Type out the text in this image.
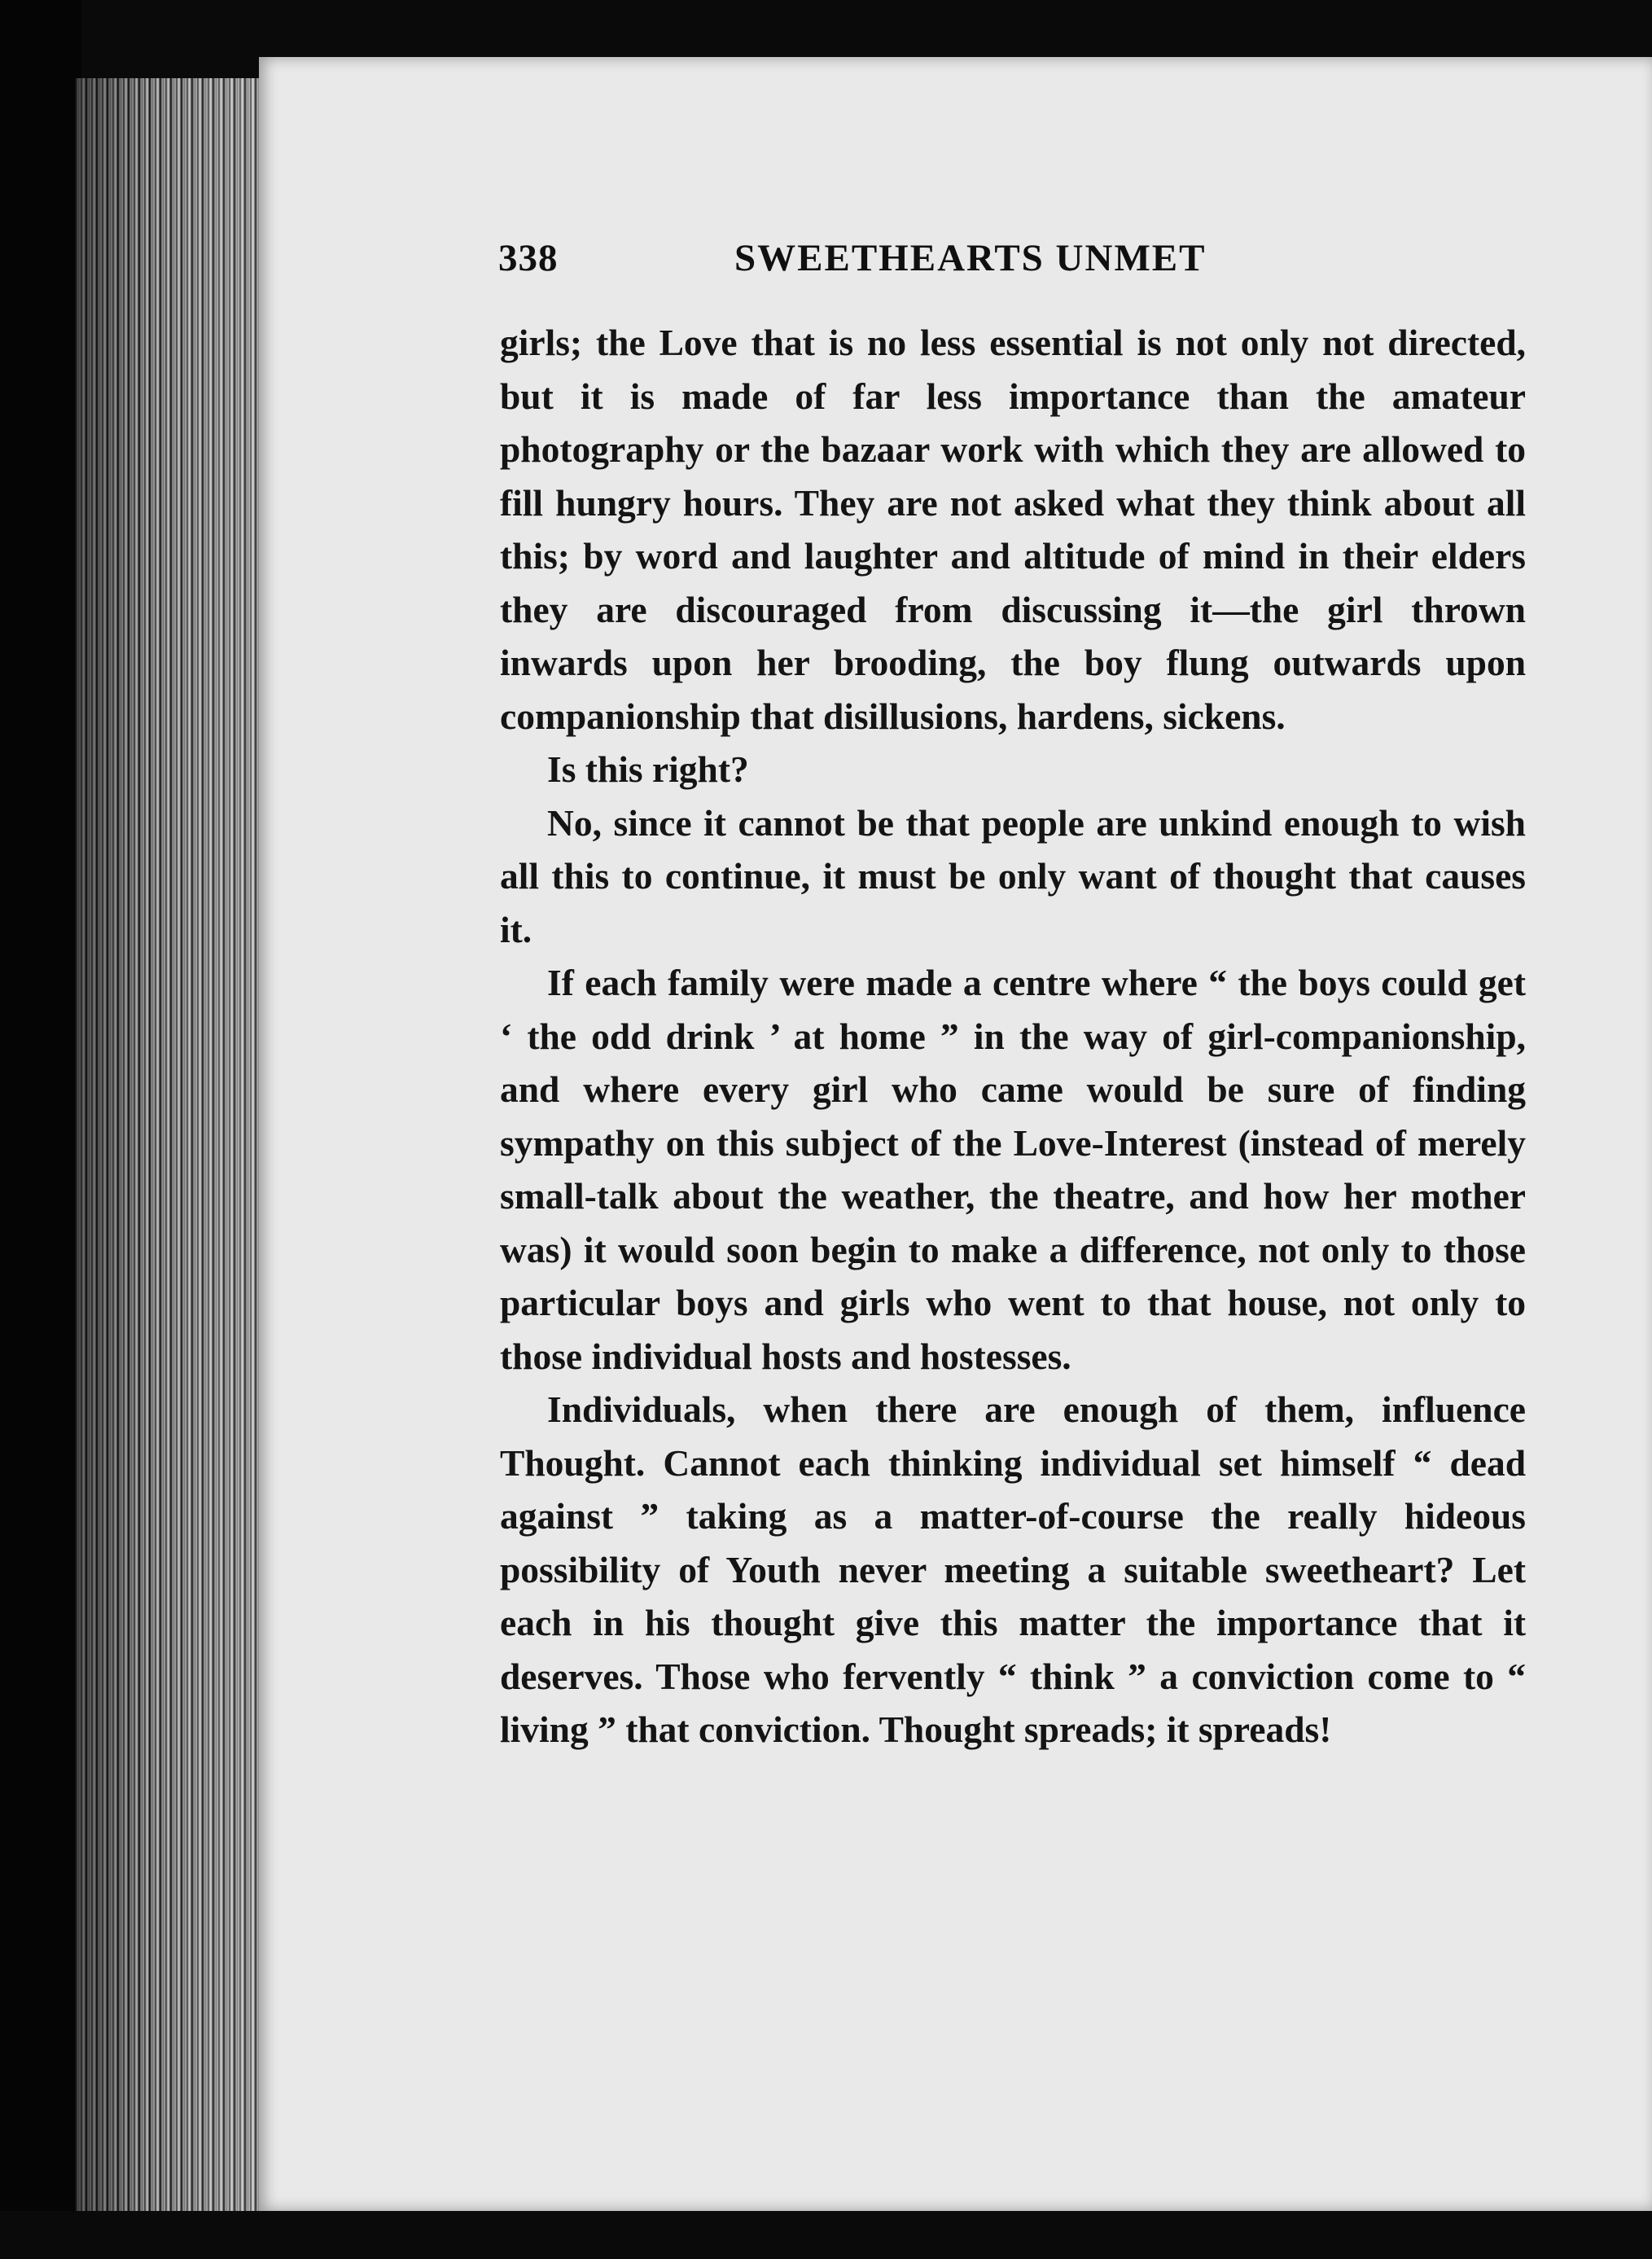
338	SWEETHEARTS UNMET

girls; the Love that is no less essential is not only not directed, but it is made of far less importance than the amateur photography or the bazaar work with which they are allowed to fill hungry hours. They are not asked what they think about all this; by word and laughter and altitude of mind in their elders they are discouraged from discussing it—the girl thrown inwards upon her brooding, the boy flung outwards upon companionship that disillusions, hardens, sickens.

Is this right?

No, since it cannot be that people are unkind enough to wish all this to continue, it must be only want of thought that causes it.

If each family were made a centre where “ the boys could get ‘ the odd drink ’ at home ” in the way of girl-companionship, and where every girl who came would be sure of finding sympathy on this subject of the Love-Interest (instead of merely small-talk about the weather, the theatre, and how her mother was) it would soon begin to make a difference, not only to those particular boys and girls who went to that house, not only to those individual hosts and hostesses.

Individuals, when there are enough of them, influence Thought. Cannot each thinking individual set himself “ dead against ” taking as a matter-of-course the really hideous possibility of Youth never meeting a suitable sweetheart? Let each in his thought give this matter the importance that it deserves. Those who fervently “ think ” a conviction come to “ living ” that conviction. Thought spreads; it spreads!
